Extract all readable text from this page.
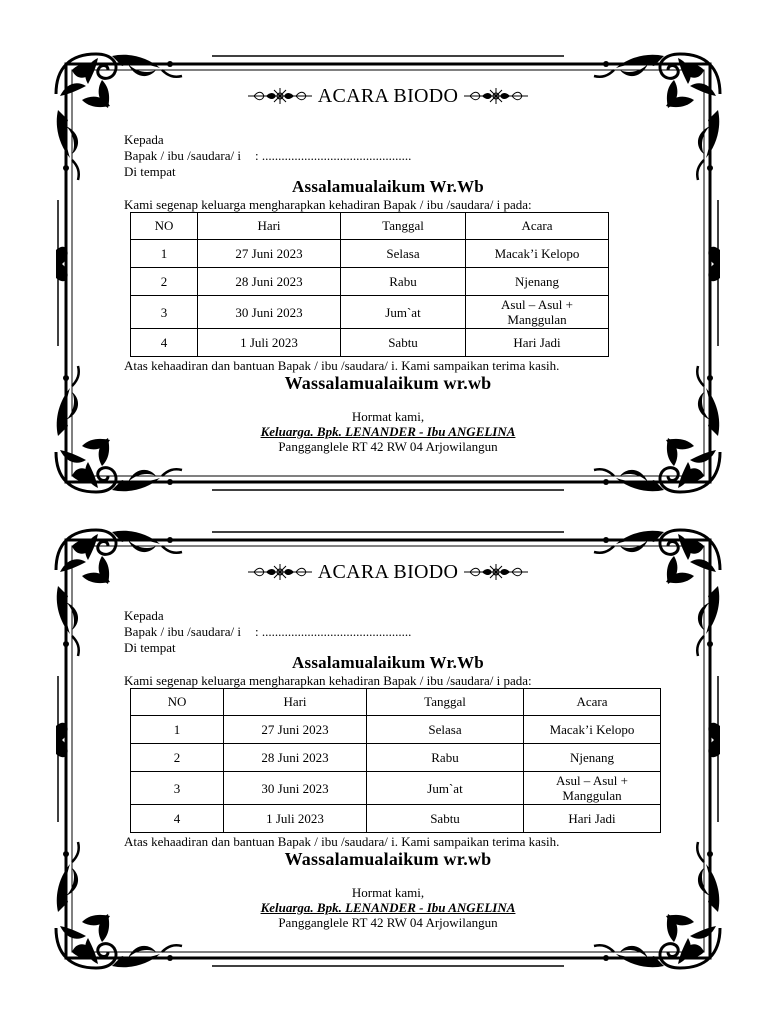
ACARA BIODO
Kepada
Bapak / ibu /saudara/ i : ..............................................
Di tempat
Assalamualaikum Wr.Wb
Kami segenap keluarga mengharapkan kehadiran Bapak / ibu /saudara/ i pada:
NO	Hari	Tanggal	Acara
1	27 Juni 2023	Selasa	Macak’i Kelopo
2	28 Juni 2023	Rabu	Njenang
3	30 Juni 2023	Jum`at	Asul – Asul + Manggulan
4	1 Juli 2023	Sabtu	Hari Jadi
Atas kehaadiran dan bantuan Bapak / ibu /saudara/ i. Kami sampaikan terima kasih.
Wassalamualaikum wr.wb
Hormat kami,
Keluarga. Bpk. LENANDER - Ibu ANGELINA
Pangganglele RT 42 RW 04 Arjowilangun
ACARA BIODO
Kepada
Bapak / ibu /saudara/ i : ..............................................
Di tempat
Assalamualaikum Wr.Wb
Kami segenap keluarga mengharapkan kehadiran Bapak / ibu /saudara/ i pada:
NO	Hari	Tanggal	Acara
1	27 Juni 2023	Selasa	Macak’i Kelopo
2	28 Juni 2023	Rabu	Njenang
3	30 Juni 2023	Jum`at	Asul – Asul + Manggulan
4	1 Juli 2023	Sabtu	Hari Jadi
Atas kehaadiran dan bantuan Bapak / ibu /saudara/ i. Kami sampaikan terima kasih.
Wassalamualaikum wr.wb
Hormat kami,
Keluarga. Bpk. LENANDER - Ibu ANGELINA
Pangganglele RT 42 RW 04 Arjowilangun
